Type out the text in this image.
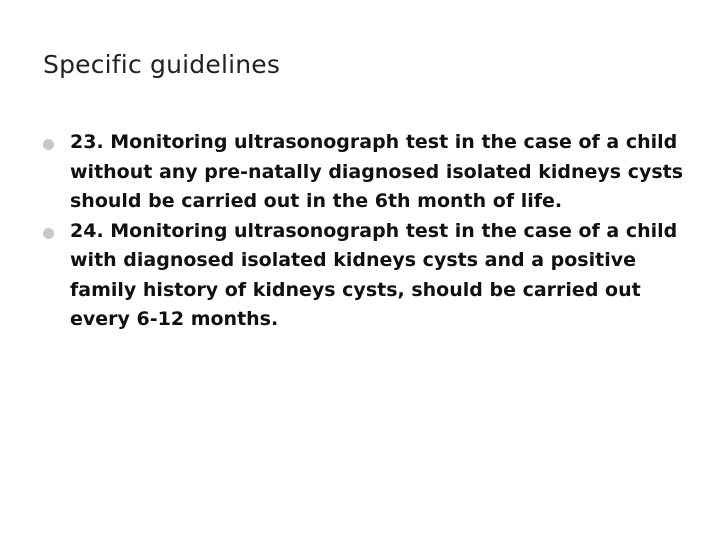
Specific guidelines
23. Monitoring ultrasonograph test in the case of a child without any pre-natally diagnosed isolated kidneys cysts should be carried out in the 6th month of life.
24. Monitoring ultrasonograph test in the case of a child with diagnosed isolated kidneys cysts and a positive family history of kidneys cysts, should be carried out every 6-12 months.
